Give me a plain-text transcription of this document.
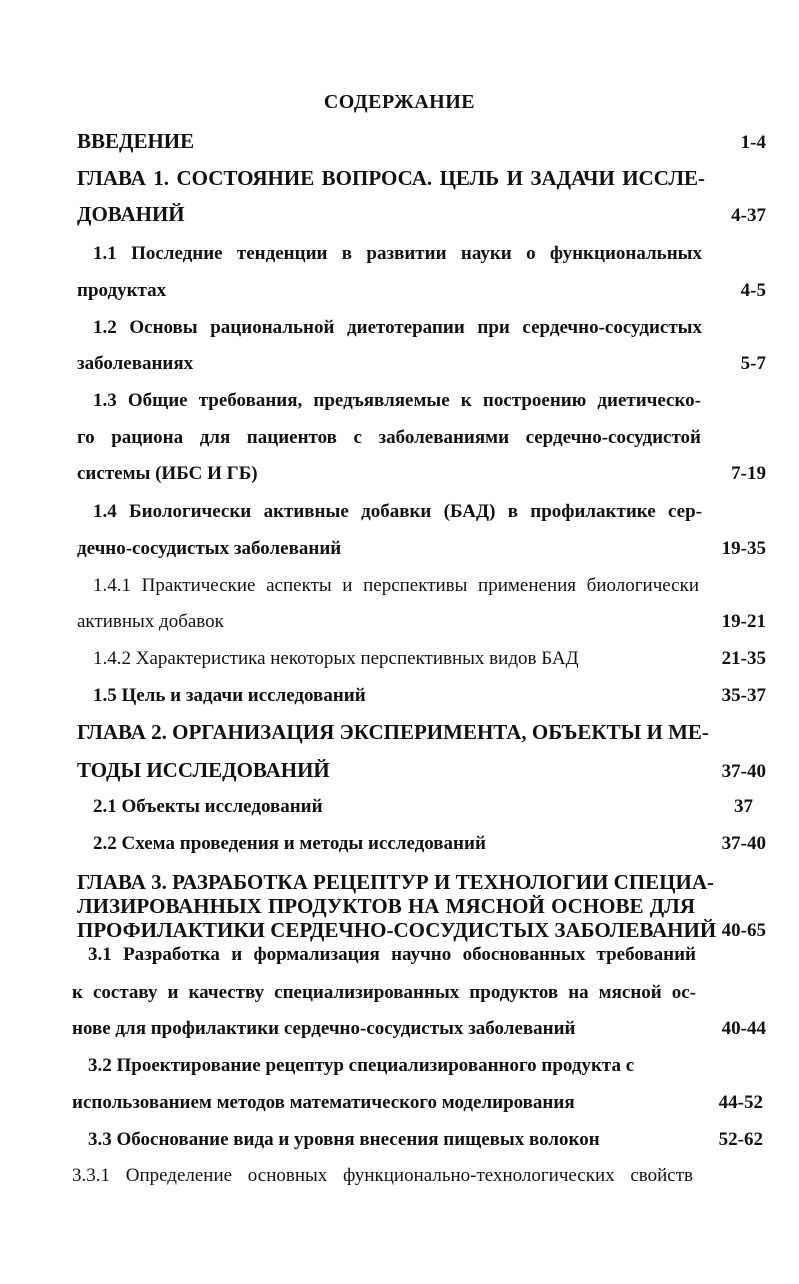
СОДЕРЖАНИЕ
ВВЕДЕНИЕ	1-4
ГЛАВА 1. СОСТОЯНИЕ ВОПРОСА. ЦЕЛЬ И ЗАДАЧИ ИССЛЕ-
ДОВАНИЙ	4-37
1.1 Последние тенденции в развитии науки о функциональных
продуктах	4-5
1.2 Основы рациональной диетотерапии при сердечно-сосудистых
заболеваниях	5-7
1.3 Общие требования, предъявляемые к построению диетическо-
го рациона для пациентов с заболеваниями сердечно-сосудистой
системы (ИБС И ГБ)	7-19
1.4 Биологически активные добавки (БАД) в профилактике сер-
дечно-сосудистых заболеваний	19-35
1.4.1 Практические аспекты и перспективы применения биологически
активных добавок	19-21
1.4.2 Характеристика некоторых перспективных видов БАД	21-35
1.5 Цель и задачи исследований	35-37
ГЛАВА 2. ОРГАНИЗАЦИЯ ЭКСПЕРИМЕНТА, ОБЪЕКТЫ И МЕ-
ТОДЫ ИССЛЕДОВАНИЙ	37-40
2.1 Объекты исследований	37
2.2 Схема проведения и методы исследований	37-40
ГЛАВА 3. РАЗРАБОТКА РЕЦЕПТУР И ТЕХНОЛОГИИ СПЕЦИА-
ЛИЗИРОВАННЫХ ПРОДУКТОВ НА МЯСНОЙ ОСНОВЕ ДЛЯ
ПРОФИЛАКТИКИ СЕРДЕЧНО-СОСУДИСТЫХ ЗАБОЛЕВАНИЙ 40-65
3.1 Разработка и формализация научно обоснованных требований
к составу и качеству специализированных продуктов на мясной ос-
нове для профилактики сердечно-сосудистых заболеваний	40-44
3.2 Проектирование рецептур специализированного продукта с
использованием методов математического моделирования	44-52
3.3 Обоснование вида и уровня внесения пищевых волокон	52-62
3.3.1 Определение основных функционально-технологических свойств
